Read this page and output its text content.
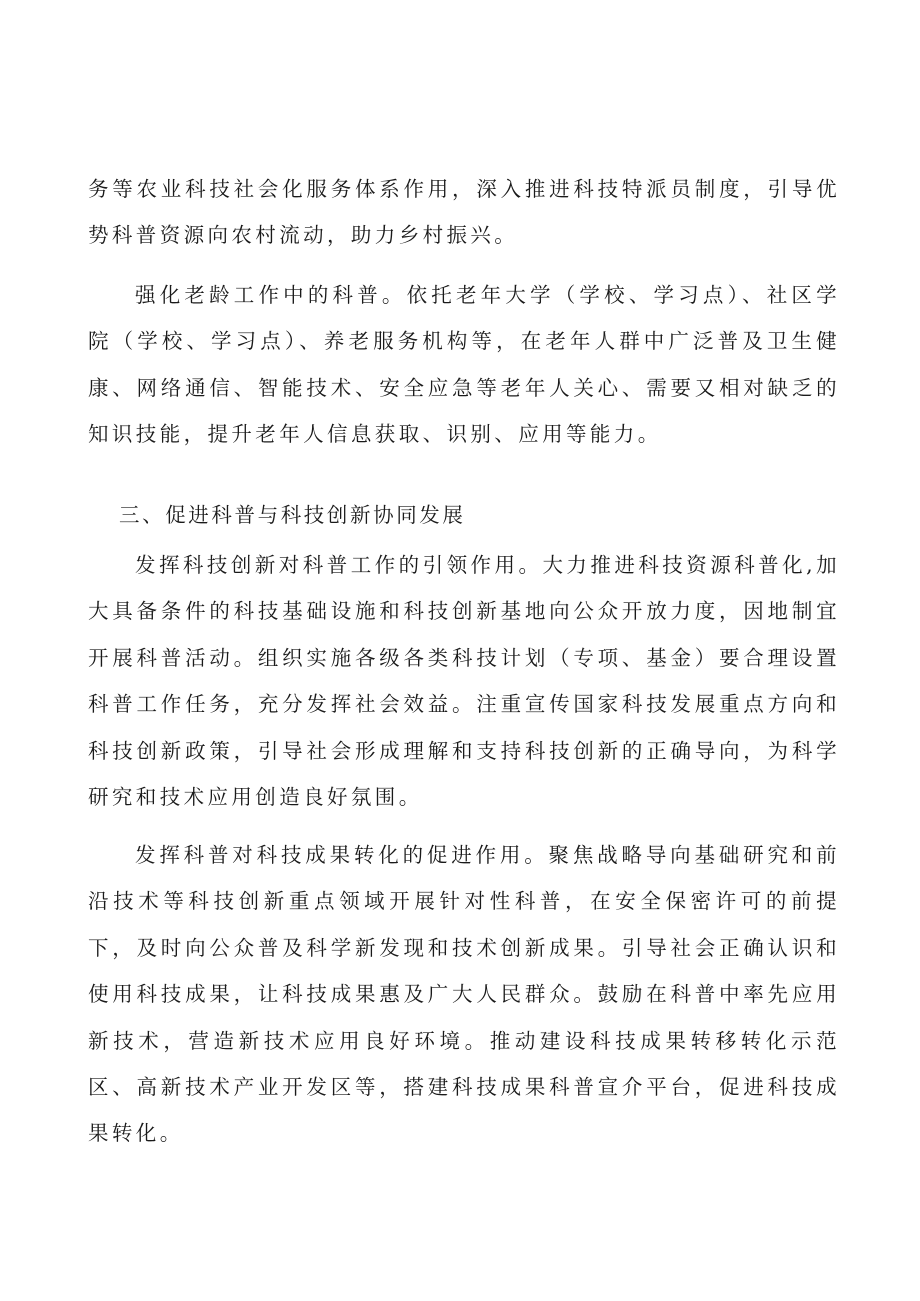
务等农业科技社会化服务体系作用，深入推进科技特派员制度，引导优势科普资源向农村流动，助力乡村振兴。

强化老龄工作中的科普。依托老年大学（学校、学习点）、社区学院（学校、学习点）、养老服务机构等，在老年人群中广泛普及卫生健康、网络通信、智能技术、安全应急等老年人关心、需要又相对缺乏的知识技能，提升老年人信息获取、识别、应用等能力。

三、促进科普与科技创新协同发展

发挥科技创新对科普工作的引领作用。大力推进科技资源科普化,加大具备条件的科技基础设施和科技创新基地向公众开放力度，因地制宜开展科普活动。组织实施各级各类科技计划（专项、基金）要合理设置科普工作任务，充分发挥社会效益。注重宣传国家科技发展重点方向和科技创新政策，引导社会形成理解和支持科技创新的正确导向，为科学研究和技术应用创造良好氛围。

发挥科普对科技成果转化的促进作用。聚焦战略导向基础研究和前沿技术等科技创新重点领域开展针对性科普，在安全保密许可的前提下，及时向公众普及科学新发现和技术创新成果。引导社会正确认识和使用科技成果，让科技成果惠及广大人民群众。鼓励在科普中率先应用新技术，营造新技术应用良好环境。推动建设科技成果转移转化示范区、高新技术产业开发区等，搭建科技成果科普宣介平台，促进科技成果转化。
